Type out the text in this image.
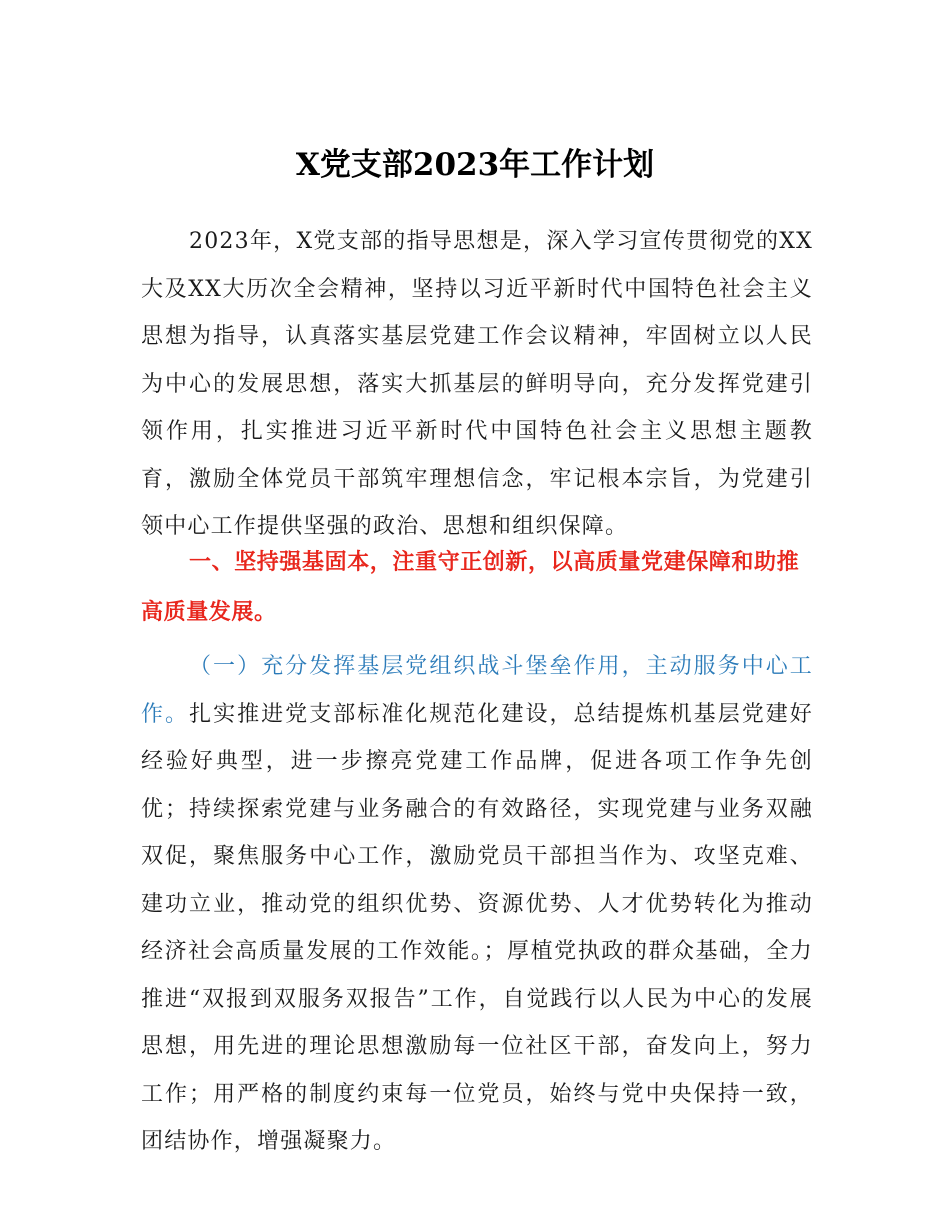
X党支部2023年工作计划

2023年，X党支部的指导思想是，深入学习宣传贯彻党的XX大及XX大历次全会精神，坚持以习近平新时代中国特色社会主义思想为指导，认真落实基层党建工作会议精神，牢固树立以人民为中心的发展思想，落实大抓基层的鲜明导向，充分发挥党建引领作用，扎实推进习近平新时代中国特色社会主义思想主题教育，激励全体党员干部筑牢理想信念，牢记根本宗旨，为党建引领中心工作提供坚强的政治、思想和组织保障。

一、坚持强基固本，注重守正创新，以高质量党建保障和助推高质量发展。

（一）充分发挥基层党组织战斗堡垒作用，主动服务中心工作。扎实推进党支部标准化规范化建设，总结提炼机基层党建好经验好典型，进一步擦亮党建工作品牌，促进各项工作争先创优；持续探索党建与业务融合的有效路径，实现党建与业务双融双促，聚焦服务中心工作，激励党员干部担当作为、攻坚克难、建功立业，推动党的组织优势、资源优势、人才优势转化为推动经济社会高质量发展的工作效能。；厚植党执政的群众基础，全力推进“双报到双服务双报告”工作，自觉践行以人民为中心的发展思想，用先进的理论思想激励每一位社区干部，奋发向上，努力工作；用严格的制度约束每一位党员，始终与党中央保持一致，团结协作，增强凝聚力。
